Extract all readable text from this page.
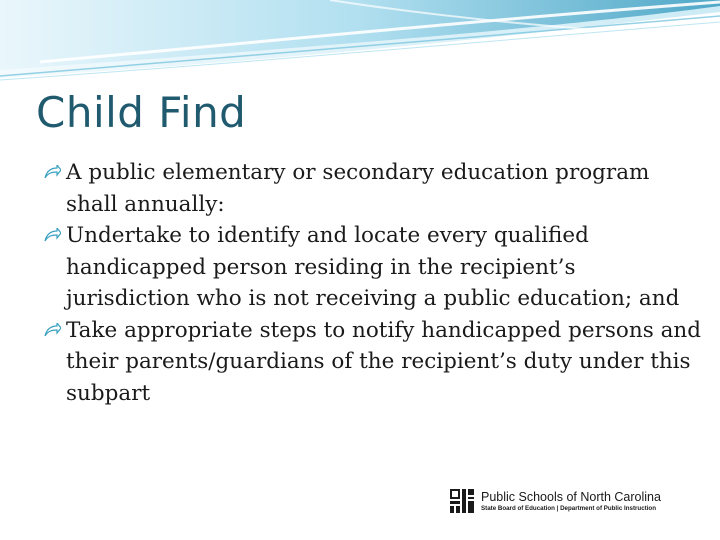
Child Find
A public elementary or secondary education program shall annually:
Undertake to identify and locate every qualified handicapped person residing in the recipient’s jurisdiction who is not receiving a public education; and
Take appropriate steps to notify handicapped persons and their parents/guardians of the recipient’s duty under this subpart
Public Schools of North Carolina
State Board of Education | Department of Public Instruction
